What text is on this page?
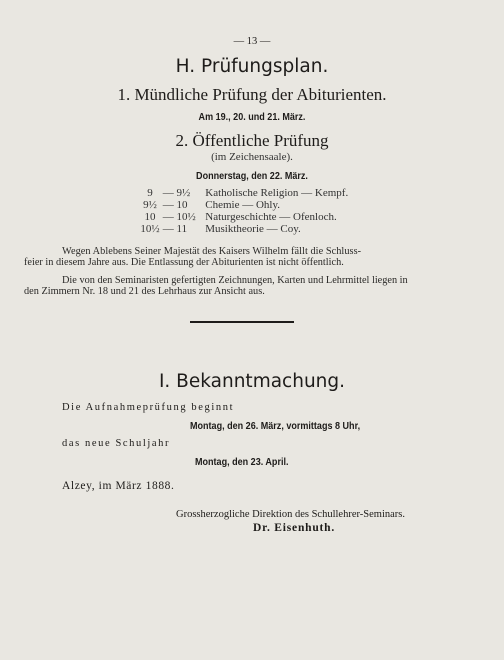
— 13 —
H. Prüfungsplan.
1. Mündliche Prüfung der Abiturienten.
Am 19., 20. und 21. März.
2. Öffentliche Prüfung
(im Zeichensaale).
Donnerstag, den 22. März.
9 — 9½ Katholische Religion — Kempf.
9½ — 10 Chemie — Ohly.
10 — 10½ Naturgeschichte — Ofenloch.
10½ — 11 Musiktheorie — Coy.
Wegen Ablebens Seiner Majestät des Kaisers Wilhelm fällt die Schluss-
feier in diesem Jahre aus. Die Entlassung der Abiturienten ist nicht öffentlich.
Die von den Seminaristen gefertigten Zeichnungen, Karten und Lehrmittel liegen in
den Zimmern Nr. 18 und 21 des Lehrhaus zur Ansicht aus.
I. Bekanntmachung.
Die Aufnahmeprüfung beginnt
Montag, den 26. März, vormittags 8 Uhr,
das neue Schuljahr
Montag, den 23. April.
Alzey, im März 1888.
Grossherzogliche Direktion des Schullehrer-Seminars.
Dr. Eisenhuth.
